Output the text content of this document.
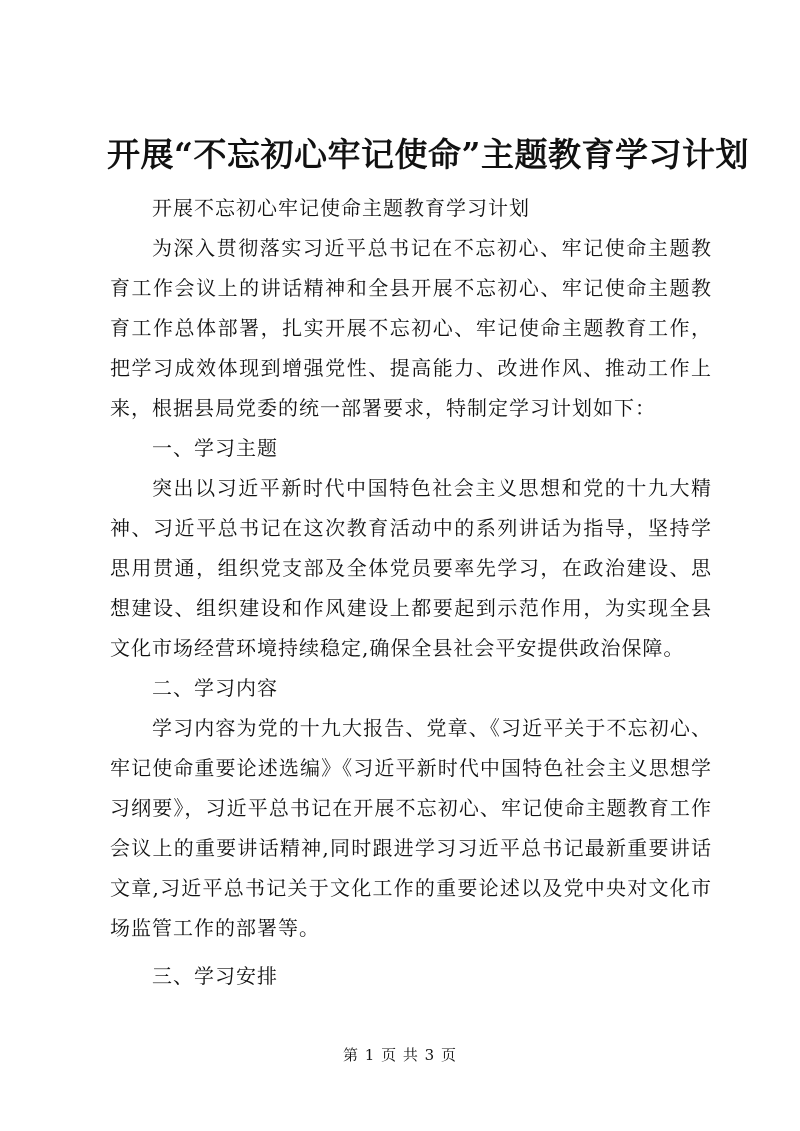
开展“不忘初心牢记使命”主题教育学习计划

开展不忘初心牢记使命主题教育学习计划

为深入贯彻落实习近平总书记在不忘初心、牢记使命主题教育工作会议上的讲话精神和全县开展不忘初心、牢记使命主题教育工作总体部署，扎实开展不忘初心、牢记使命主题教育工作，把学习成效体现到增强党性、提高能力、改进作风、推动工作上来，根据县局党委的统一部署要求，特制定学习计划如下：

一、学习主题

突出以习近平新时代中国特色社会主义思想和党的十九大精神、习近平总书记在这次教育活动中的系列讲话为指导，坚持学思用贯通，组织党支部及全体党员要率先学习，在政治建设、思想建设、组织建设和作风建设上都要起到示范作用，为实现全县文化市场经营环境持续稳定,确保全县社会平安提供政治保障。

二、学习内容

学习内容为党的十九大报告、党章、《习近平关于不忘初心、牢记使命重要论述选编》《习近平新时代中国特色社会主义思想学习纲要》，习近平总书记在开展不忘初心、牢记使命主题教育工作会议上的重要讲话精神,同时跟进学习习近平总书记最新重要讲话文章,习近平总书记关于文化工作的重要论述以及党中央对文化市场监管工作的部署等。

三、学习安排

第 1 页 共 3 页
